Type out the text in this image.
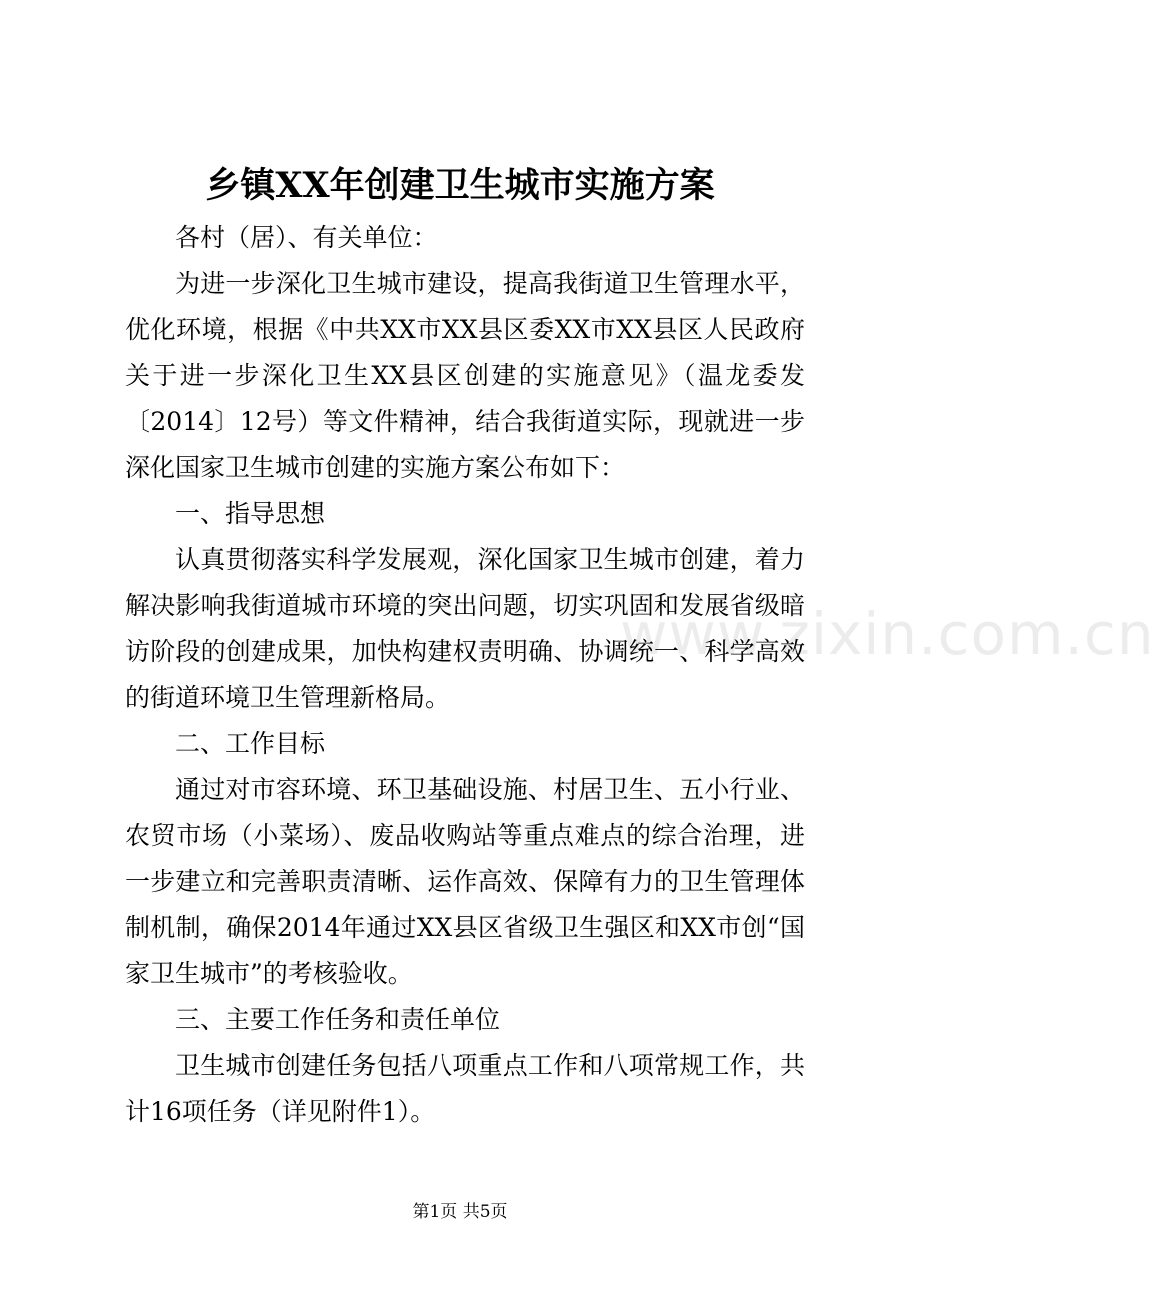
www.zixin.com.cn
乡镇XX年创建卫生城市实施方案

各村（居）、有关单位：

为进一步深化卫生城市建设，提高我街道卫生管理水平，优化环境，根据《中共XX市XX县区委XX市XX县区人民政府关于进一步深化卫生XX县区创建的实施意见》（温龙委发〔2014〕12号）等文件精神，结合我街道实际，现就进一步深化国家卫生城市创建的实施方案公布如下：

一、指导思想

认真贯彻落实科学发展观，深化国家卫生城市创建，着力解决影响我街道城市环境的突出问题，切实巩固和发展省级暗访阶段的创建成果，加快构建权责明确、协调统一、科学高效的街道环境卫生管理新格局。

二、工作目标

通过对市容环境、环卫基础设施、村居卫生、五小行业、农贸市场（小菜场）、废品收购站等重点难点的综合治理，进一步建立和完善职责清晰、运作高效、保障有力的卫生管理体制机制，确保2014年通过XX县区省级卫生强区和XX市创“国家卫生城市”的考核验收。

三、主要工作任务和责任单位

卫生城市创建任务包括八项重点工作和八项常规工作，共计16项任务（详见附件1）。

第1页 共5页
